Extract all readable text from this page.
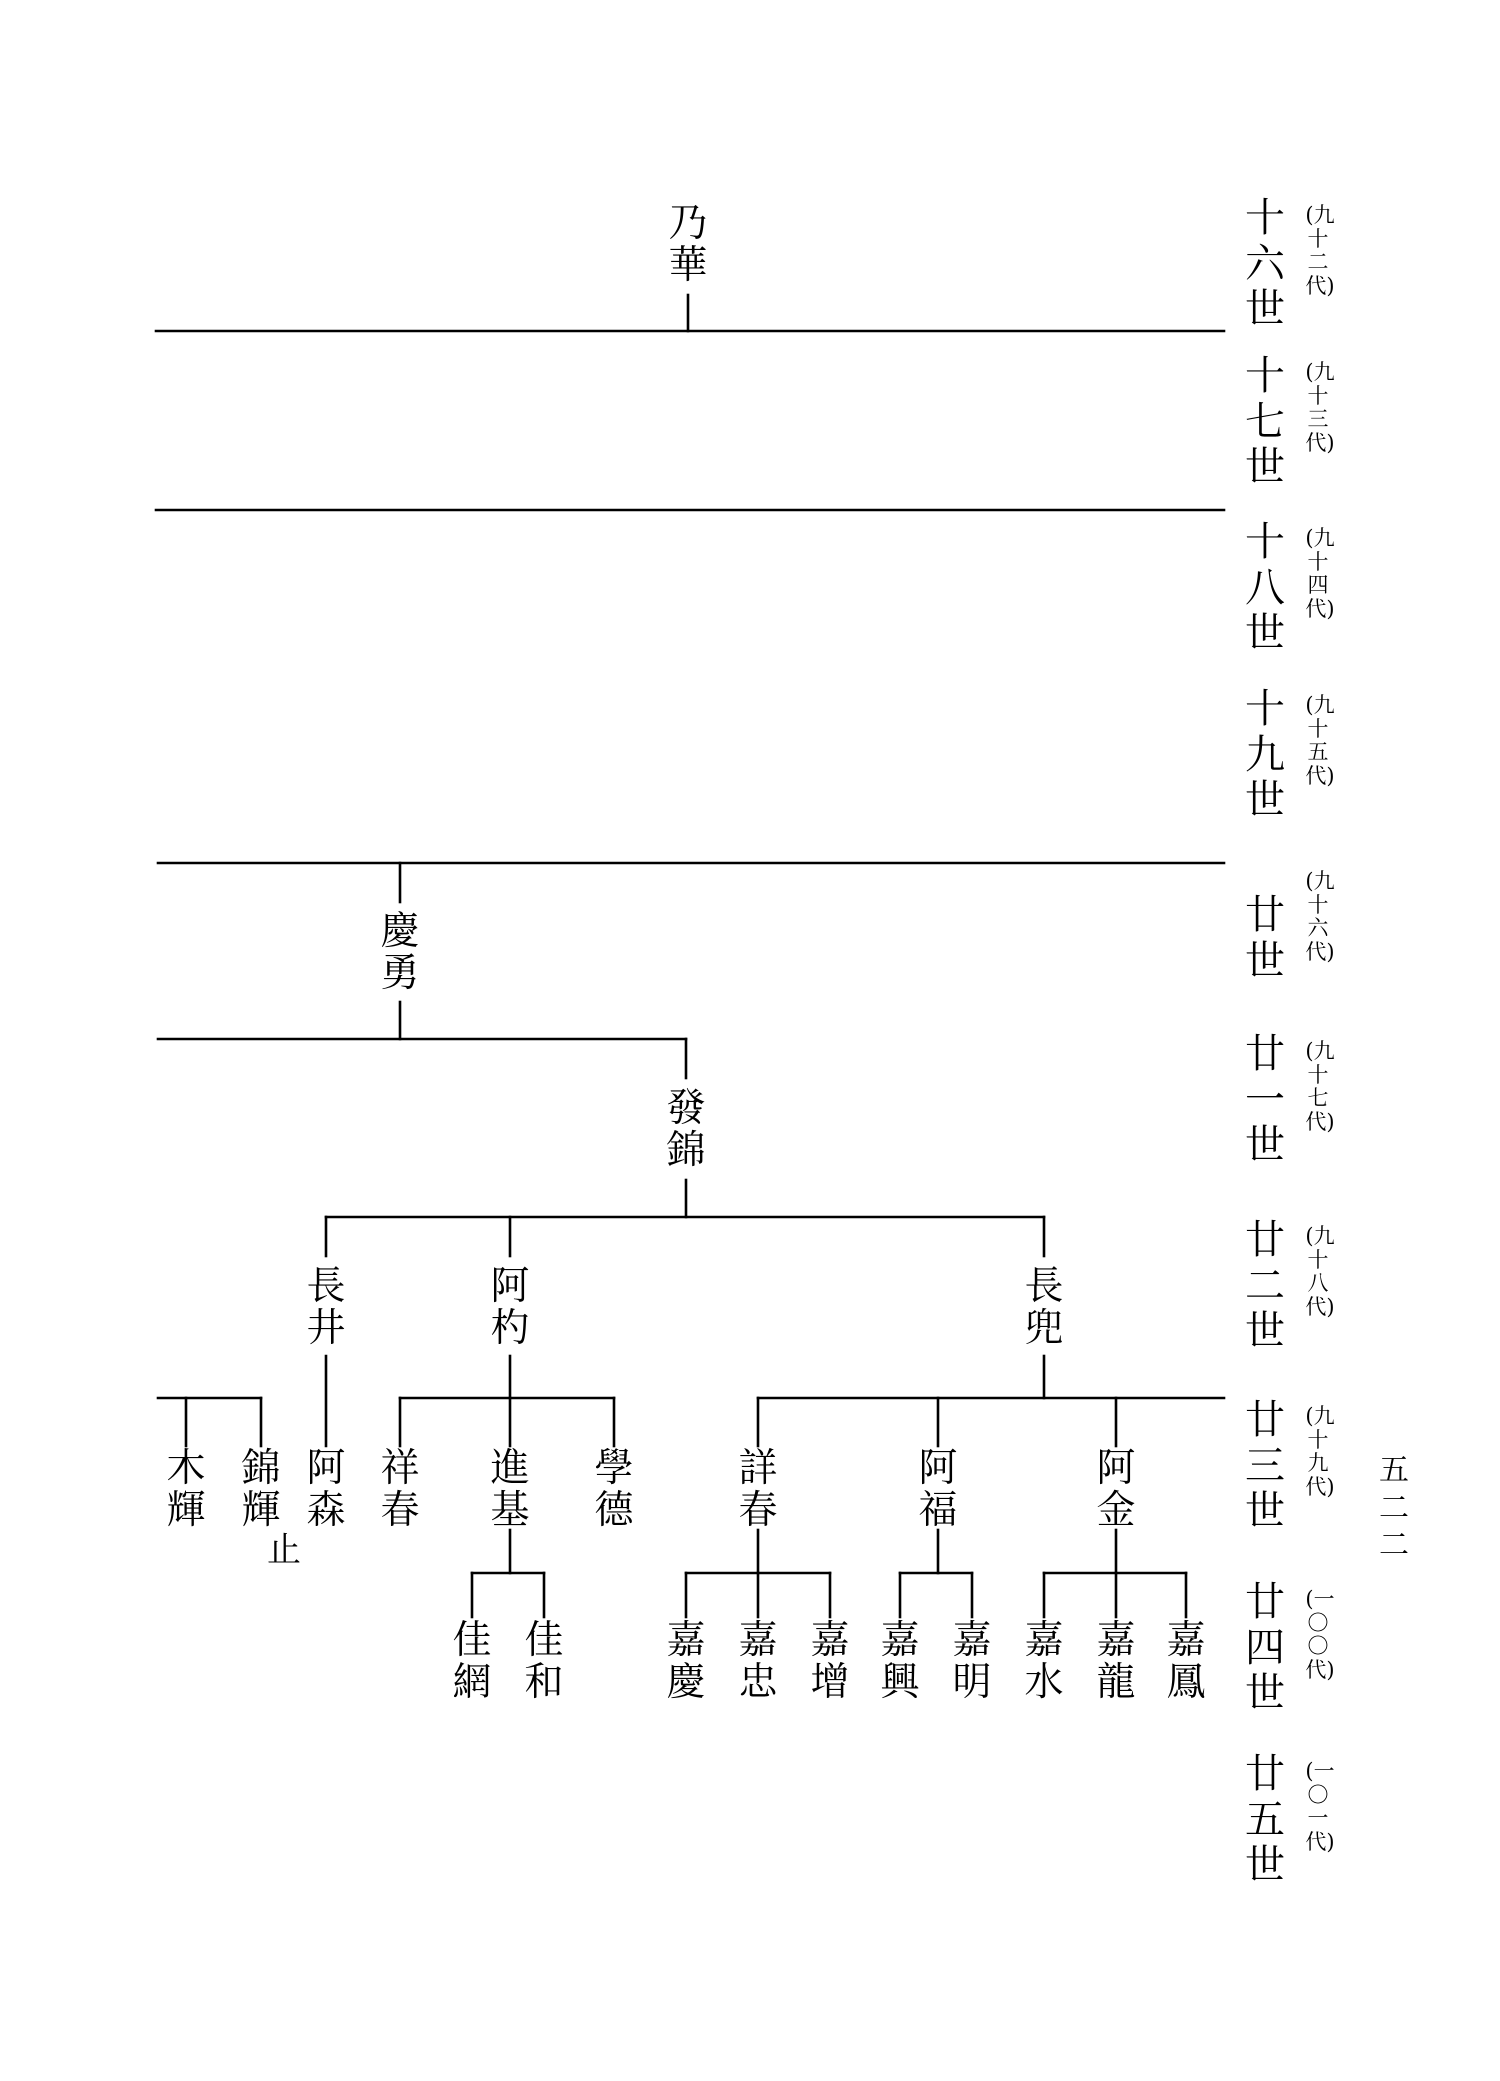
乃華
慶勇
發錦
長井
阿杓
長兜
木輝
錦輝
止
阿森
祥春
進基
學德
詳春
阿福
阿金
佳網
佳和
嘉慶
嘉忠
嘉增
嘉興
嘉明
嘉水
嘉龍
嘉鳳
十六世
(九十二代)
十七世
(九十三代)
十八世
(九十四代)
十九世
(九十五代)
廿世
(九十六代)
廿一世
(九十七代)
廿二世
(九十八代)
廿三世
(九十九代)
廿四世
(一〇〇代)
廿五世
(一〇一代)
五二二
